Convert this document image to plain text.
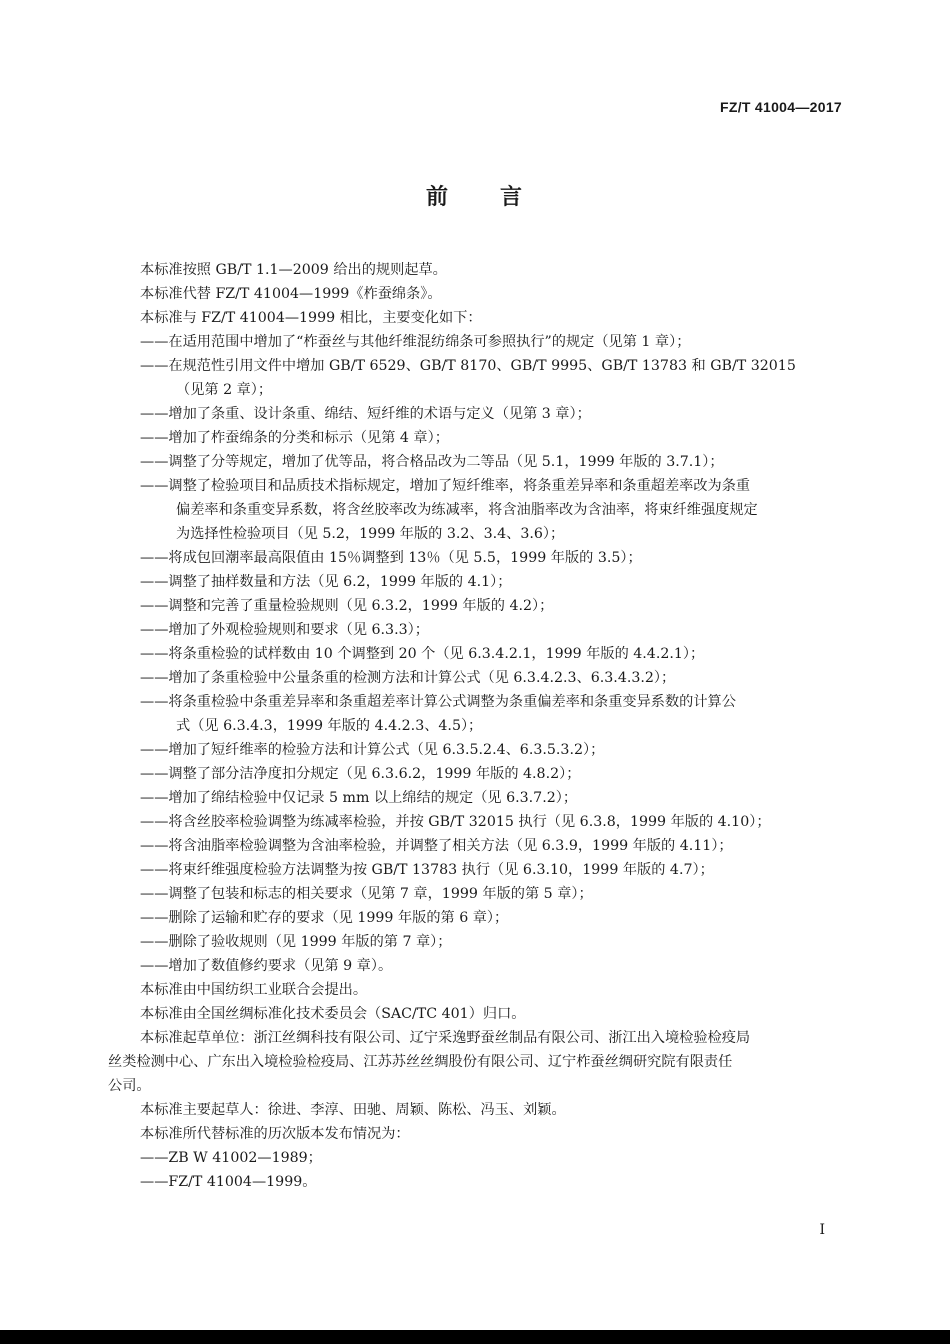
FZ/T 41004—2017
前 言
本标准按照 GB/T 1.1—2009 给出的规则起草。
本标准代替 FZ/T 41004—1999《柞蚕绵条》。
本标准与 FZ/T 41004—1999 相比，主要变化如下：
——在适用范围中增加了“柞蚕丝与其他纤维混纺绵条可参照执行”的规定（见第 1 章）；
——在规范性引用文件中增加 GB/T 6529、GB/T 8170、GB/T 9995、GB/T 13783 和 GB/T 32015
（见第 2 章）；
——增加了条重、设计条重、绵结、短纤维的术语与定义（见第 3 章）；
——增加了柞蚕绵条的分类和标示（见第 4 章）；
——调整了分等规定，增加了优等品，将合格品改为二等品（见 5.1，1999 年版的 3.7.1）；
——调整了检验项目和品质技术指标规定，增加了短纤维率，将条重差异率和条重超差率改为条重
偏差率和条重变异系数，将含丝胶率改为练减率，将含油脂率改为含油率，将束纤维强度规定
为选择性检验项目（见 5.2，1999 年版的 3.2、3.4、3.6）；
——将成包回潮率最高限值由 15％调整到 13％（见 5.5，1999 年版的 3.5）；
——调整了抽样数量和方法（见 6.2，1999 年版的 4.1）；
——调整和完善了重量检验规则（见 6.3.2，1999 年版的 4.2）；
——增加了外观检验规则和要求（见 6.3.3）；
——将条重检验的试样数由 10 个调整到 20 个（见 6.3.4.2.1，1999 年版的 4.4.2.1）；
——增加了条重检验中公量条重的检测方法和计算公式（见 6.3.4.2.3、6.3.4.3.2）；
——将条重检验中条重差异率和条重超差率计算公式调整为条重偏差率和条重变异系数的计算公
式（见 6.3.4.3，1999 年版的 4.4.2.3、4.5）；
——增加了短纤维率的检验方法和计算公式（见 6.3.5.2.4、6.3.5.3.2）；
——调整了部分洁净度扣分规定（见 6.3.6.2，1999 年版的 4.8.2）；
——增加了绵结检验中仅记录 5 mm 以上绵结的规定（见 6.3.7.2）；
——将含丝胶率检验调整为练减率检验，并按 GB/T 32015 执行（见 6.3.8，1999 年版的 4.10）；
——将含油脂率检验调整为含油率检验，并调整了相关方法（见 6.3.9，1999 年版的 4.11）；
——将束纤维强度检验方法调整为按 GB/T 13783 执行（见 6.3.10，1999 年版的 4.7）；
——调整了包装和标志的相关要求（见第 7 章，1999 年版的第 5 章）；
——删除了运输和贮存的要求（见 1999 年版的第 6 章）；
——删除了验收规则（见 1999 年版的第 7 章）；
——增加了数值修约要求（见第 9 章）。
本标准由中国纺织工业联合会提出。
本标准由全国丝绸标准化技术委员会（SAC/TC 401）归口。
本标准起草单位：浙江丝绸科技有限公司、辽宁采逸野蚕丝制品有限公司、浙江出入境检验检疫局
丝类检测中心、广东出入境检验检疫局、江苏苏丝丝绸股份有限公司、辽宁柞蚕丝绸研究院有限责任
公司。
本标准主要起草人：徐进、李淳、田驰、周颖、陈松、冯玉、刘颖。
本标准所代替标准的历次版本发布情况为：
——ZB W 41002—1989；
——FZ/T 41004—1999。
I
